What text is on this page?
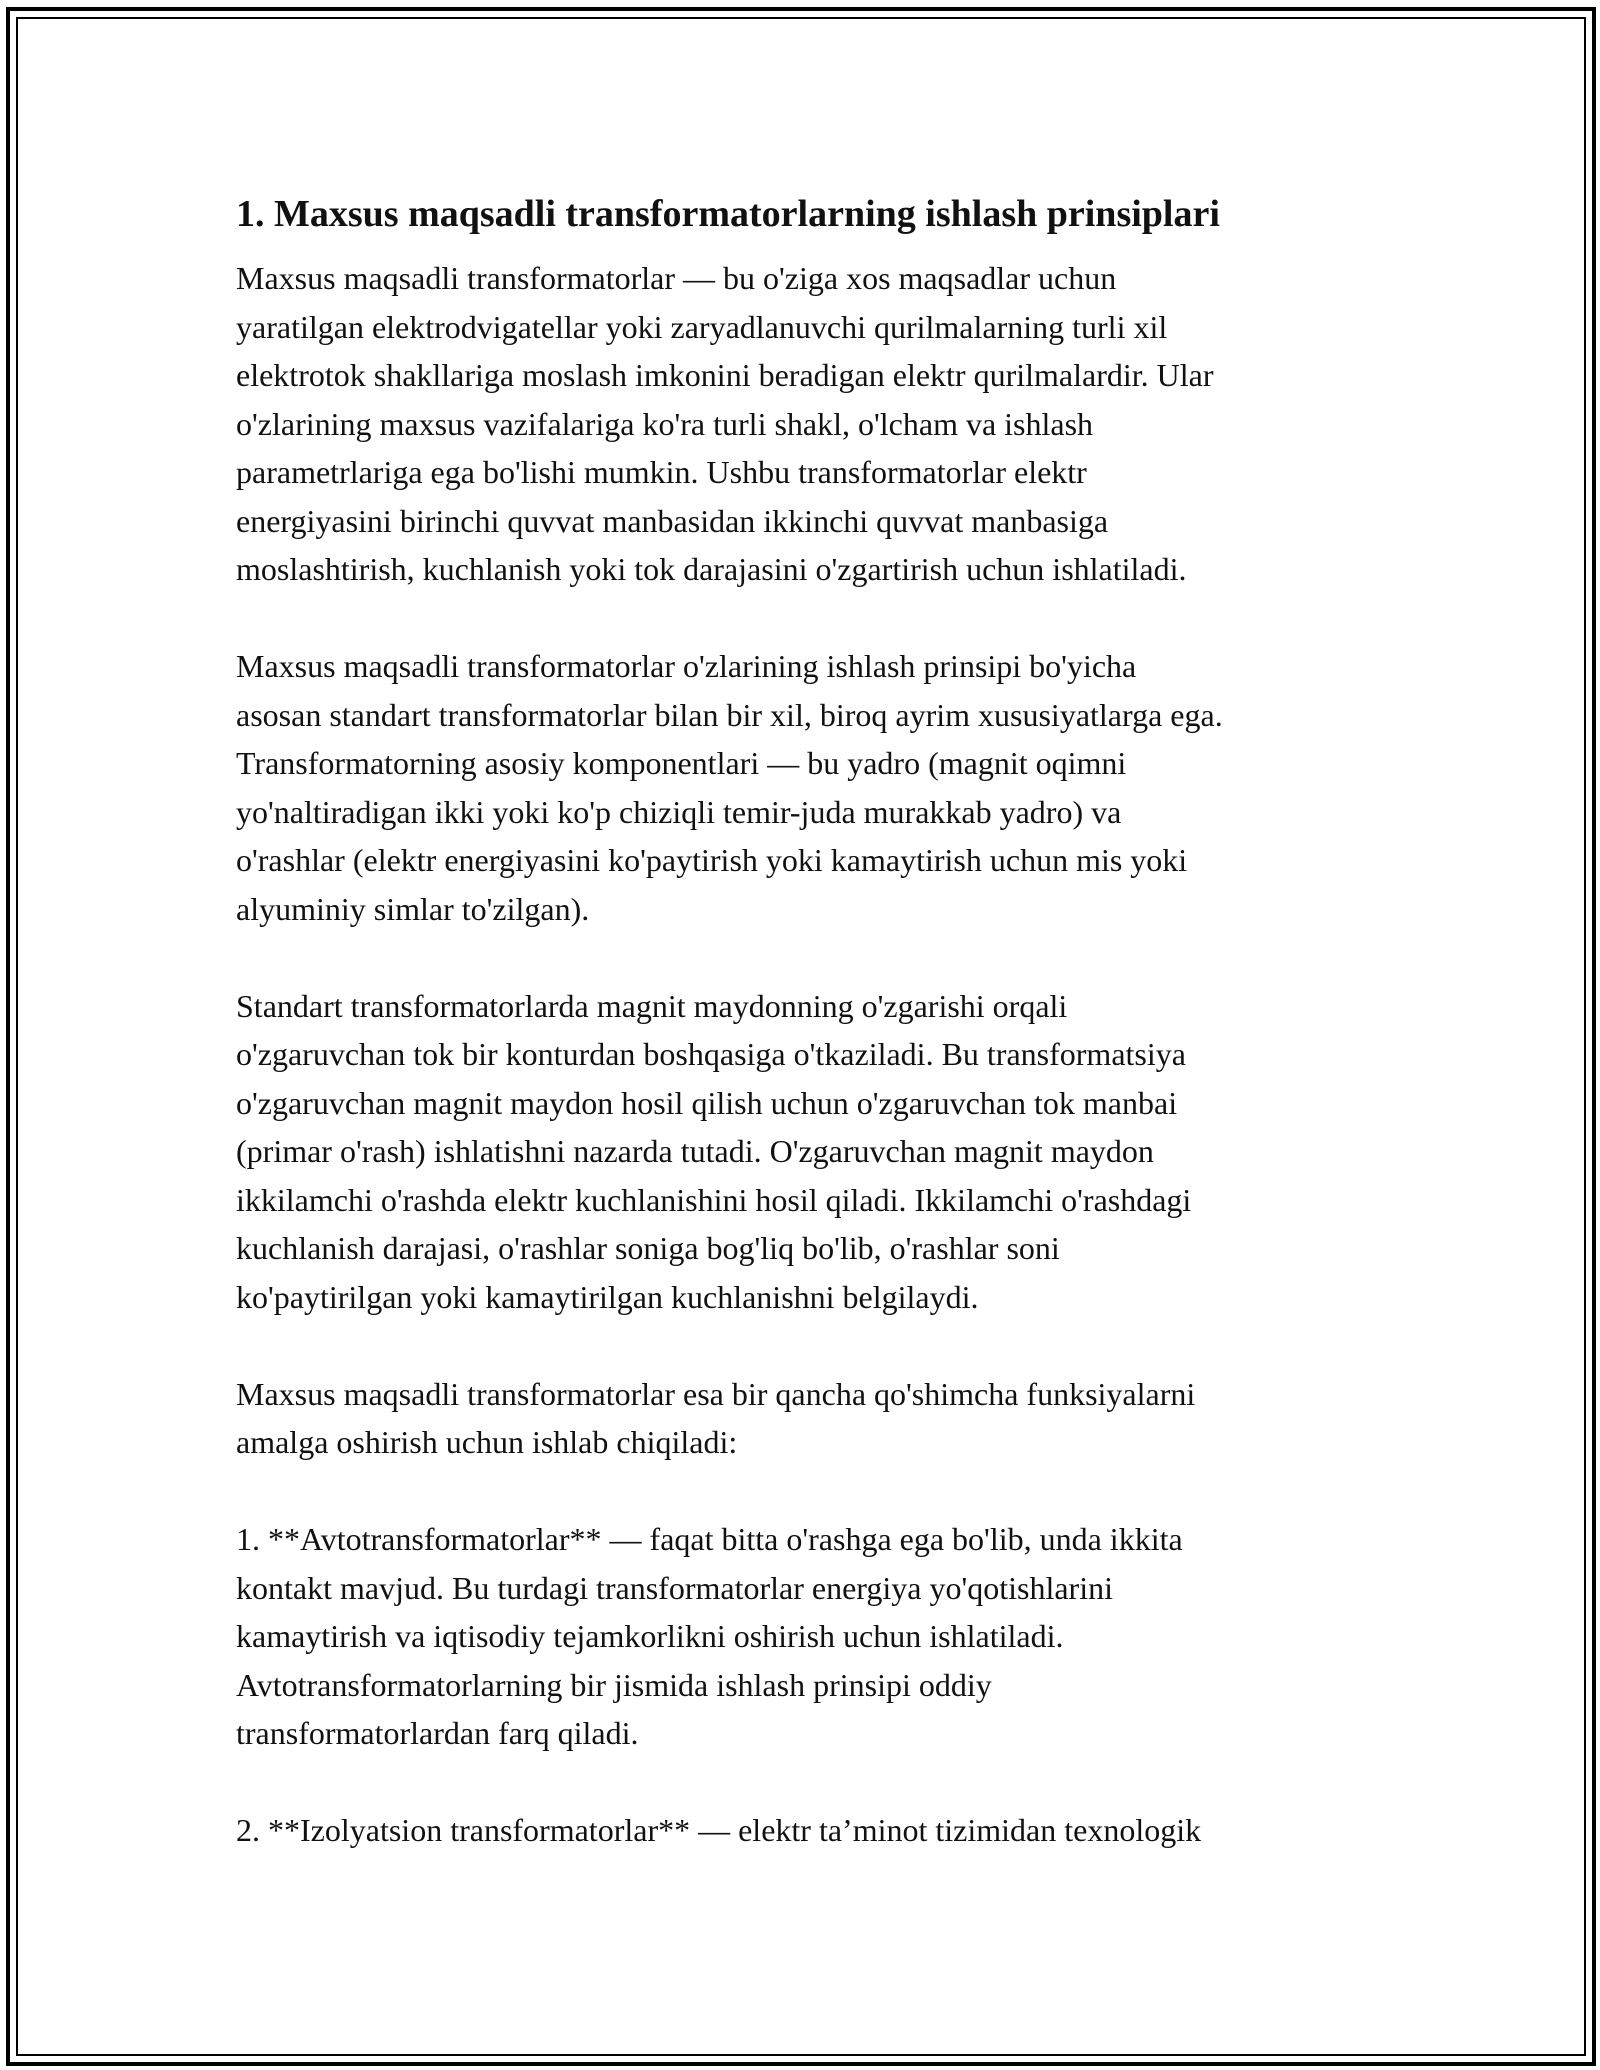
1. Maxsus maqsadli transformatorlarning ishlash prinsiplari
Maxsus maqsadli transformatorlar — bu o'ziga xos maqsadlar uchun
yaratilgan elektrodvigatellar yoki zaryadlanuvchi qurilmalarning turli xil
elektrotok shakllariga moslash imkonini beradigan elektr qurilmalardir. Ular
o'zlarining maxsus vazifalariga ko'ra turli shakl, o'lcham va ishlash
parametrlariga ega bo'lishi mumkin. Ushbu transformatorlar elektr
energiyasini birinchi quvvat manbasidan ikkinchi quvvat manbasiga
moslashtirish, kuchlanish yoki tok darajasini o'zgartirish uchun ishlatiladi.
Maxsus maqsadli transformatorlar o'zlarining ishlash prinsipi bo'yicha
asosan standart transformatorlar bilan bir xil, biroq ayrim xususiyatlarga ega.
Transformatorning asosiy komponentlari — bu yadro (magnit oqimni
yo'naltiradigan ikki yoki ko'p chiziqli temir-juda murakkab yadro) va
o'rashlar (elektr energiyasini ko'paytirish yoki kamaytirish uchun mis yoki
alyuminiy simlar to'zilgan).
Standart transformatorlarda magnit maydonning o'zgarishi orqali
o'zgaruvchan tok bir konturdan boshqasiga o'tkaziladi. Bu transformatsiya
o'zgaruvchan magnit maydon hosil qilish uchun o'zgaruvchan tok manbai
(primar o'rash) ishlatishni nazarda tutadi. O'zgaruvchan magnit maydon
ikkilamchi o'rashda elektr kuchlanishini hosil qiladi. Ikkilamchi o'rashdagi
kuchlanish darajasi, o'rashlar soniga bog'liq bo'lib, o'rashlar soni
ko'paytirilgan yoki kamaytirilgan kuchlanishni belgilaydi.
Maxsus maqsadli transformatorlar esa bir qancha qo'shimcha funksiyalarni
amalga oshirish uchun ishlab chiqiladi:
1. **Avtotransformatorlar** — faqat bitta o'rashga ega bo'lib, unda ikkita
kontakt mavjud. Bu turdagi transformatorlar energiya yo'qotishlarini
kamaytirish va iqtisodiy tejamkorlikni oshirish uchun ishlatiladi.
Avtotransformatorlarning bir jismida ishlash prinsipi oddiy
transformatorlardan farq qiladi.
2. **Izolyatsion transformatorlar** — elektr ta’minot tizimidan texnologik
